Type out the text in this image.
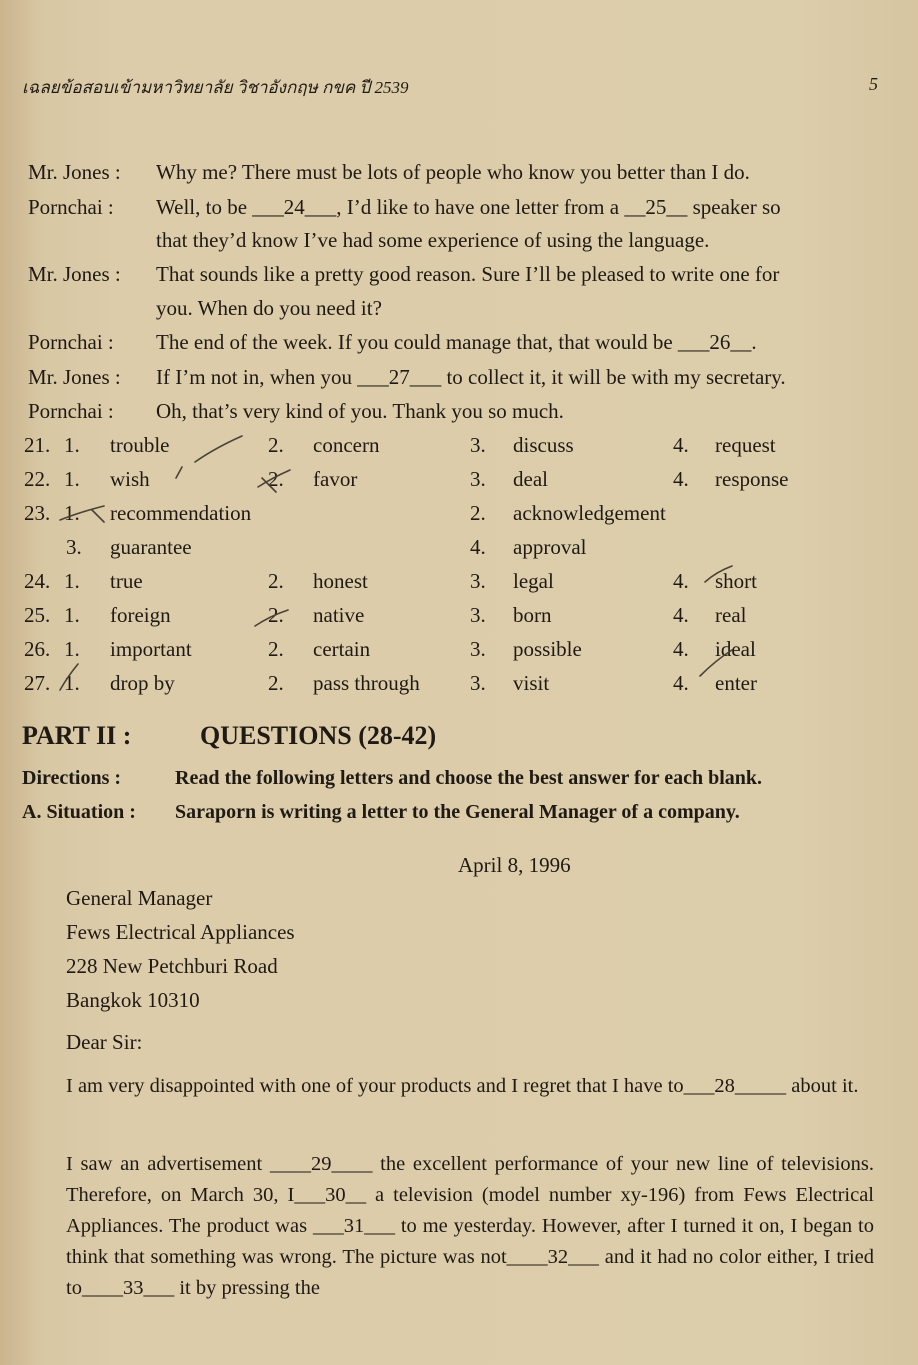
เฉลยข้อสอบเข้ามหาวิทยาลัย วิชาอังกฤษ กขค ปี 2539	5
Mr. Jones : Why me? There must be lots of people who know you better than I do.
Pornchai : Well, to be ___24___, I’d like to have one letter from a __25__ speaker so
that they’d know I’ve had some experience of using the language.
Mr. Jones : That sounds like a pretty good reason. Sure I’ll be pleased to write one for
you. When do you need it?
Pornchai : The end of the week. If you could manage that, that would be ___26__.
Mr. Jones : If I’m not in, when you ___27___ to collect it, it will be with my secretary.
Pornchai : Oh, that’s very kind of you. Thank you so much.
21. 1. trouble	2. concern	3. discuss	4. request
22. 1. wish	2. favor	3. deal	4. response
23. 1. recommendation	2. acknowledgement
3. guarantee	4. approval
24. 1. true	2. honest	3. legal	4. short
25. 1. foreign	2. native	3. born	4. real
26. 1. important	2. certain	3. possible	4. ideal
27. 1. drop by	2. pass through 3. visit	4. enter
PART II :	QUESTIONS (28-42)
Directions :	Read the following letters and choose the best answer for each blank.
A. Situation : Saraporn is writing a letter to the General Manager of a company.
April 8, 1996
General Manager
Fews Electrical Appliances
228 New Petchburi Road
Bangkok 10310
Dear Sir:
I am very disappointed with one of your products and I regret that I have to___28_____ about it.
I saw an advertisement ____29____ the excellent performance of your new line of televisions. Therefore, on March 30, I___30__ a television (model number xy-196) from Fews Electrical Appliances. The product was ___31___ to me yesterday. However, after I turned it on, I began to think that something was wrong. The picture was not____32___ and it had no color either, I tried to____33___ it by pressing the
